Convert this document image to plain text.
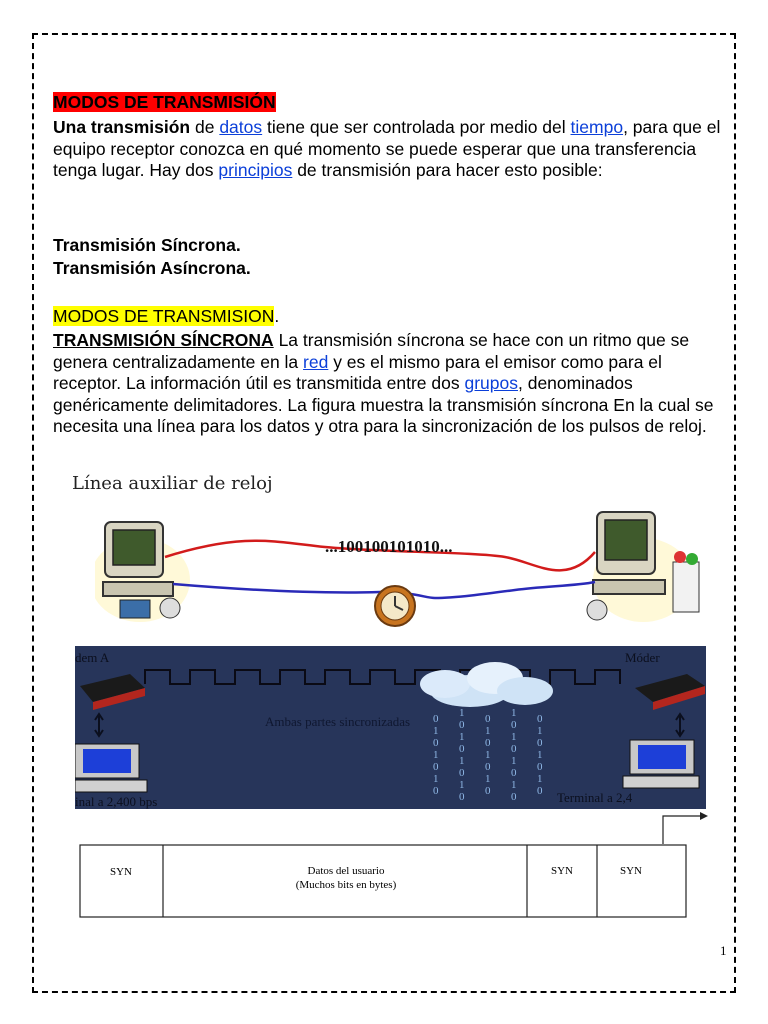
MODOS DE TRANSMISIÓN
Una transmisión de datos tiene que ser controlada por medio del tiempo, para que el equipo receptor conozca en qué momento se puede esperar que una transferencia tenga lugar. Hay dos principios de transmisión para hacer esto posible:
Transmisión Síncrona.
Transmisión Asíncrona.
MODOS DE TRANSMISION.
TRANSMISIÓN SÍNCRONA La transmisión síncrona se hace con un ritmo que se genera centralizadamente en la red y es el mismo para el emisor como para el receptor. La información útil es transmitida entre dos grupos, denominados genéricamente delimitadores. La figura muestra la transmisión síncrona En la cual se necesita una línea para los datos y otra para la sincronización de los pulsos de reloj.
Línea auxiliar de reloj
...100100101010...
0
1
0
1
0
1
0
1
0
1
0
1
0
1
0
0
1
0
1
0
1
0
1
0
1
0
1
0
1
0
0
1
0
1
0
1
0
dem A	Móder
Ambas partes sincronizadas
inal a 2,400 bps	Terminal a 2,4
SYN	Datos del usuario
(Muchos bits en bytes)
SYN	SYN
1
